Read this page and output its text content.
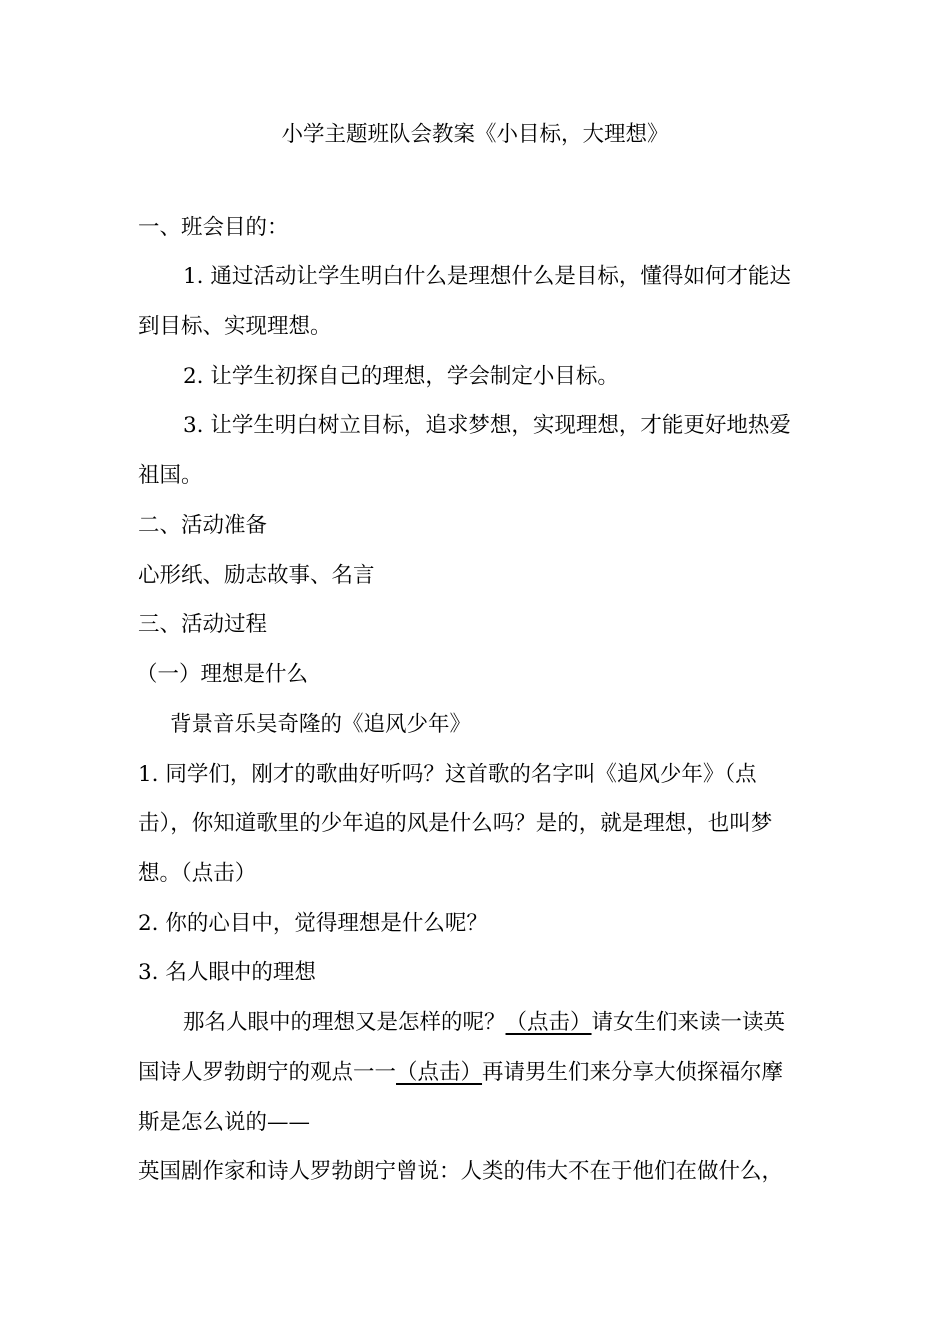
小学主题班队会教案《小目标，大理想》
一、班会目的：
1. 通过活动让学生明白什么是理想什么是目标，懂得如何才能达
到目标、实现理想。
2. 让学生初探自己的理想，学会制定小目标。
3. 让学生明白树立目标，追求梦想，实现理想，才能更好地热爱
祖国。
二、活动准备
心形纸、励志故事、名言
三、活动过程
（一）理想是什么
背景音乐吴奇隆的《追风少年》
1. 同学们，刚才的歌曲好听吗？这首歌的名字叫《追风少年》（点
击），你知道歌里的少年追的风是什么吗？是的，就是理想，也叫梦
想。（点击）
2. 你的心目中，觉得理想是什么呢？
3. 名人眼中的理想
那名人眼中的理想又是怎样的呢？（点击）请女生们来读一读英
国诗人罗勃朗宁的观点一一（点击）再请男生们来分享大侦探福尔摩
斯是怎么说的——
英国剧作家和诗人罗勃朗宁曾说：人类的伟大不在于他们在做什么，
